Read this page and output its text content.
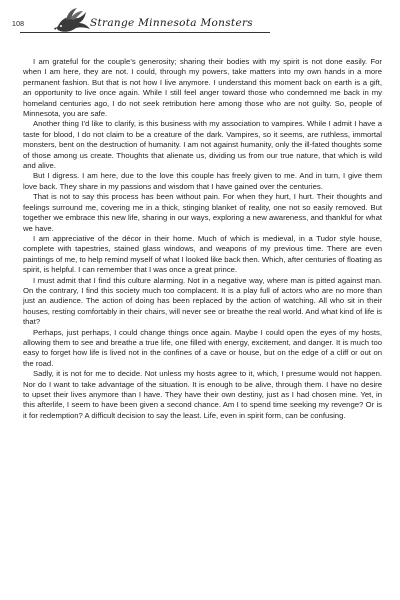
108	Strange Minnesota Monsters

I am grateful for the couple’s generosity; sharing their bodies with my spirit is not done easily. For when I am here, they are not. I could, through my powers, take matters into my own hands in a more permanent fashion. But that is not how I live anymore. I understand this moment back on earth is a gift, an opportunity to live once again. While I still feel anger toward those who condemned me back in my homeland centuries ago, I do not seek retribution here among those who are not guilty. So, people of Minnesota, you are safe.

Another thing I’d like to clarify, is this business with my association to vampires. While I admit I have a taste for blood, I do not claim to be a creature of the dark. Vampires, so it seems, are ruthless, immortal monsters, bent on the destruction of humanity. I am not against humanity, only the ill-fated thoughts some of those among us create. Thoughts that alienate us, dividing us from our true nature, that which is wild and alive.

But I digress. I am here, due to the love this couple has freely given to me. And in turn, I give them love back. They share in my passions and wisdom that I have gained over the centuries.

That is not to say this process has been without pain. For when they hurt, I hurt. Their thoughts and feelings surround me, covering me in a thick, stinging blanket of reality, one not so easily removed. But together we embrace this new life, sharing in our ways, exploring a new awareness, and thankful for what we have.

I am appreciative of the décor in their home. Much of which is medieval, in a Tudor style house, complete with tapestries, stained glass windows, and weapons of my previous time. There are even paintings of me, to help remind myself of what I looked like back then. Which, after centuries of floating as spirit, is helpful. I can remember that I was once a great prince.

I must admit that I find this culture alarming. Not in a negative way, where man is pitted against man. On the contrary, I find this society much too complacent. It is a play full of actors who are no more than just an audience. The action of doing has been replaced by the action of watching. All who sit in their houses, resting comfortably in their chairs, will never see or breathe the real world. And what kind of life is that?

Perhaps, just perhaps, I could change things once again. Maybe I could open the eyes of my hosts, allowing them to see and breathe a true life, one filled with energy, excitement, and danger. It is much too easy to forget how life is lived not in the confines of a cave or house, but on the edge of a cliff or out on the road.

Sadly, it is not for me to decide. Not unless my hosts agree to it, which, I presume would not happen. Nor do I want to take advantage of the situation. It is enough to be alive, through them. I have no desire to upset their lives anymore than I have. They have their own destiny, just as I had chosen mine. Yet, in this afterlife, I seem to have been given a second chance. Am I to spend time seeking my revenge? Or is it for redemption? A difficult decision to say the least. Life, even in spirit form, can be confusing.
